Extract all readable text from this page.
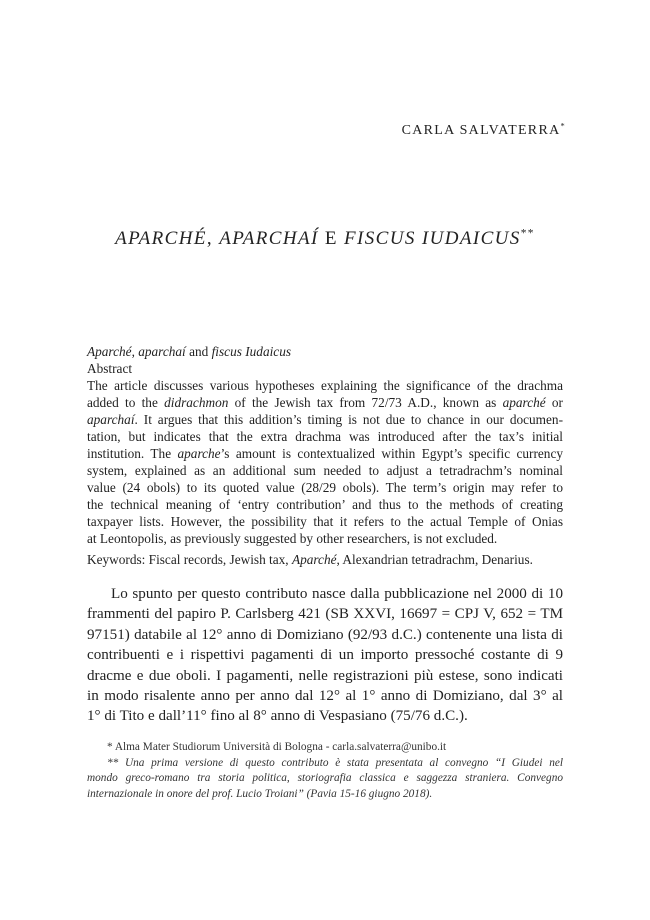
CARLA SALVATERRA*
APARCHÉ, APARCHAÍ E FISCUS IUDAICUS**
Aparché, aparchaí and fiscus Iudaicus
Abstract
The article discusses various hypotheses explaining the significance of the drachma
added to the didrachmon of the Jewish tax from 72/73 A.D., known as aparché or
aparchaí. It argues that this addition’s timing is not due to chance in our documen-
tation, but indicates that the extra drachma was introduced after the tax’s initial
institution. The aparche’s amount is contextualized within Egypt’s specific currency
system, explained as an additional sum needed to adjust a tetradrachm’s nominal
value (24 obols) to its quoted value (28/29 obols). The term’s origin may refer to
the technical meaning of ‘entry contribution’ and thus to the methods of creating
taxpayer lists. However, the possibility that it refers to the actual Temple of Onias
at Leontopolis, as previously suggested by other researchers, is not excluded.
Keywords: Fiscal records, Jewish tax, Aparché, Alexandrian tetradrachm, Denarius.
Lo spunto per questo contributo nasce dalla pubblicazione nel 2000 di 10
frammenti del papiro P. Carlsberg 421 (SB XXVI, 16697 = CPJ V, 652 = TM
97151) databile al 12° anno di Domiziano (92/93 d.C.) contenente una lista di
contribuenti e i rispettivi pagamenti di un importo pressoché costante di 9
dracme e due oboli. I pagamenti, nelle registrazioni più estese, sono indicati
in modo risalente anno per anno dal 12° al 1° anno di Domiziano, dal 3° al
1° di Tito e dall’11° fino al 8° anno di Vespasiano (75/76 d.C.).
* Alma Mater Studiorum Università di Bologna - carla.salvaterra@unibo.it
** Una prima versione di questo contributo è stata presentata al convegno “I Giudei nel
mondo greco-romano tra storia politica, storiografia classica e saggezza straniera. Convegno
internazionale in onore del prof. Lucio Troiani” (Pavia 15-16 giugno 2018).
